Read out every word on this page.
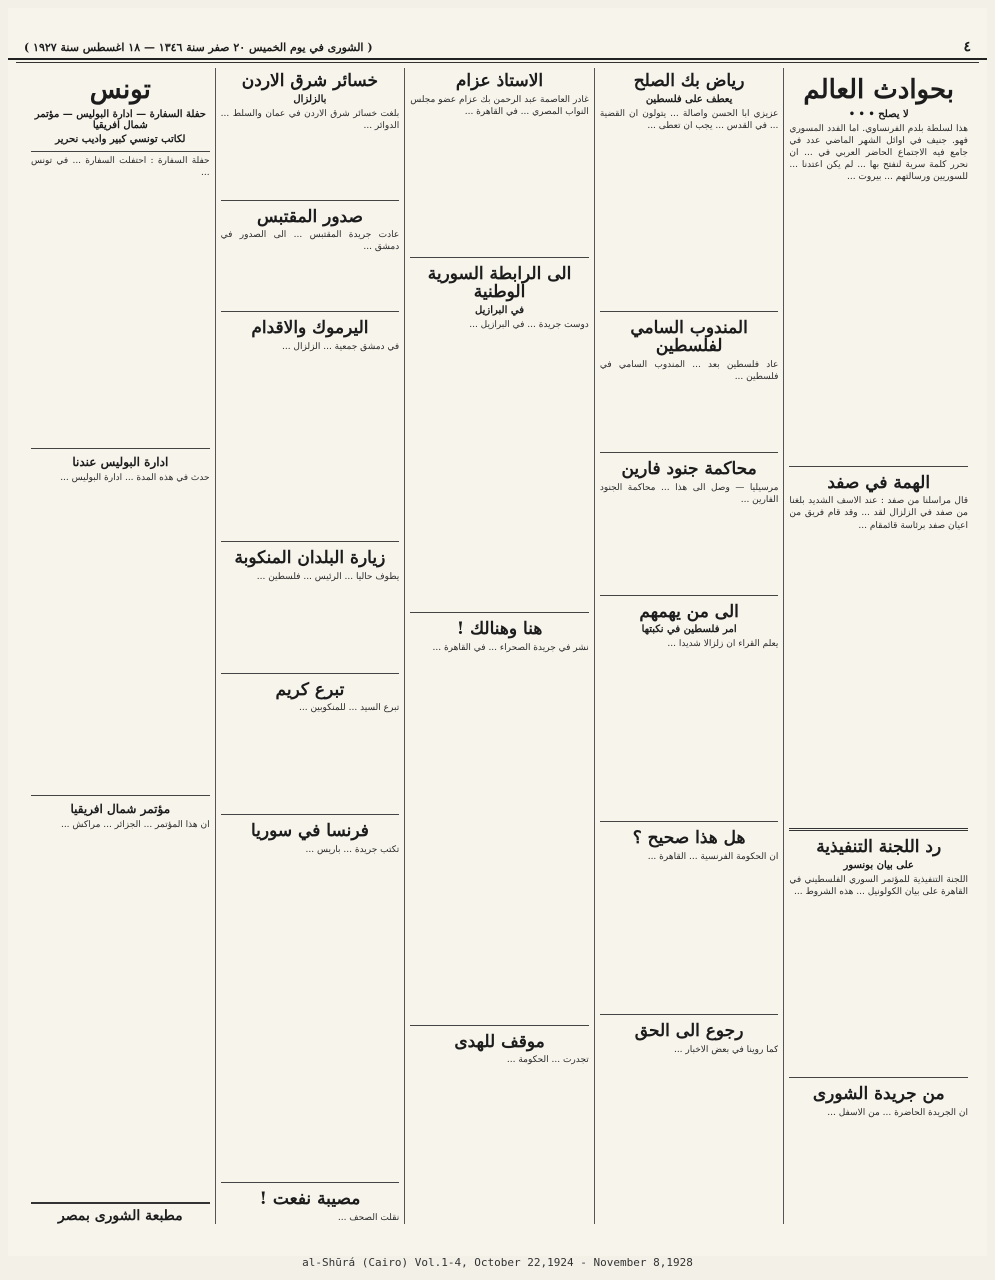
٤
( الشورى في يوم الخميس ٢٠ صفر سنة ١٣٤٦ — ١٨ اغسطس سنة ١٩٢٧ )
بحوادث العالم
لا يصلح • • •
هذا لسلطة بلدم الفرنساوي. اما الفدد المسوري فهو. جنيف في اوائل الشهر الماضي عدد في جامع فيه الاجتماع الحاضر العربي في ... ان نحرر كلمة سرية لنفتح بها ... لم يكن اعتدنا ... للسوريين ورسالتهم ... بيروت ...
الهمة في صفد
قال مراسلنا من صفد : عند الاسف الشديد بلغنا من صفد في الزلزال لقد ... وقد قام فريق من اعيان صفد برئاسة قائمقام ...
رد اللجنة التنفيذية
على بيان بونسور
اللجنة التنفيذية للمؤتمر السوري الفلسطيني في القاهرة على بيان الكولونيل ... هذه الشروط ...
من جريدة الشورى
ان الجريدة الحاضرة ... من الاسفل ...
رياض بك الصلح
يعطف على فلسطين
عزيزي ابا الحسن واصالة ... يتولون ان القضية ... في القدس ... يجب ان تعطى ...
المندوب السامي لفلسطين
عاد فلسطين بعد ... المندوب السامي في فلسطين ...
محاكمة جنود فارين
مرسيليا — وصل الى هذا ... محاكمة الجنود الفارين ...
الى من يهمهم
امر فلسطين في نكبتها
يعلم القراء ان زلزالا شديدا ...
هل هذا صحيح ؟
ان الحكومة الفرنسية ... القاهرة ...
رجوع الى الحق
كما روينا في بعض الاخبار ...
الاستاذ عزام
غادر العاصمة عبد الرحمن بك عزام عضو مجلس النواب المصري ... في القاهرة ...
الى الرابطة السورية الوطنية
في البرازيل
دوست جريدة ... في البرازيل ...
هنا وهنالك !
نشر في جريدة الصحراء ... في القاهرة ...
موقف للهدى
تجدرت ... الحكومة ...
خسائر شرق الاردن
بالزلزال
بلغت خسائر شرق الاردن في عمان والسلط ... الدوائر ...
صدور المقتبس
عادت جريدة المقتبس ... الى الصدور في دمشق ...
اليرموك والاقدام
في دمشق جمعية ... الزلزال ...
زيارة البلدان المنكوبة
يطوف حاليا ... الرئيس ... فلسطين ...
تبرع كريم
تبرع السيد ... للمنكوبين ...
فرنسا في سوريا
تكتب جريدة ... باريس ...
مصيبة نفعت !
نقلت الصحف ...
تونس
حفلة السفارة — ادارة البوليس — مؤتمر شمال افريقيا
لكاتب تونسي كبير واديب نحرير
حفلة السفارة : احتفلت السفارة ... في تونس ...
ادارة البوليس عندنا
حدث في هذه المدة ... ادارة البوليس ...
مؤتمر شمال افريقيا
ان هذا المؤتمر ... الجزائر ... مراكش ...
مطبعة الشورى بمصر
al-Shūrá (Cairo) Vol.1-4, October 22,1924 - November 8,1928
